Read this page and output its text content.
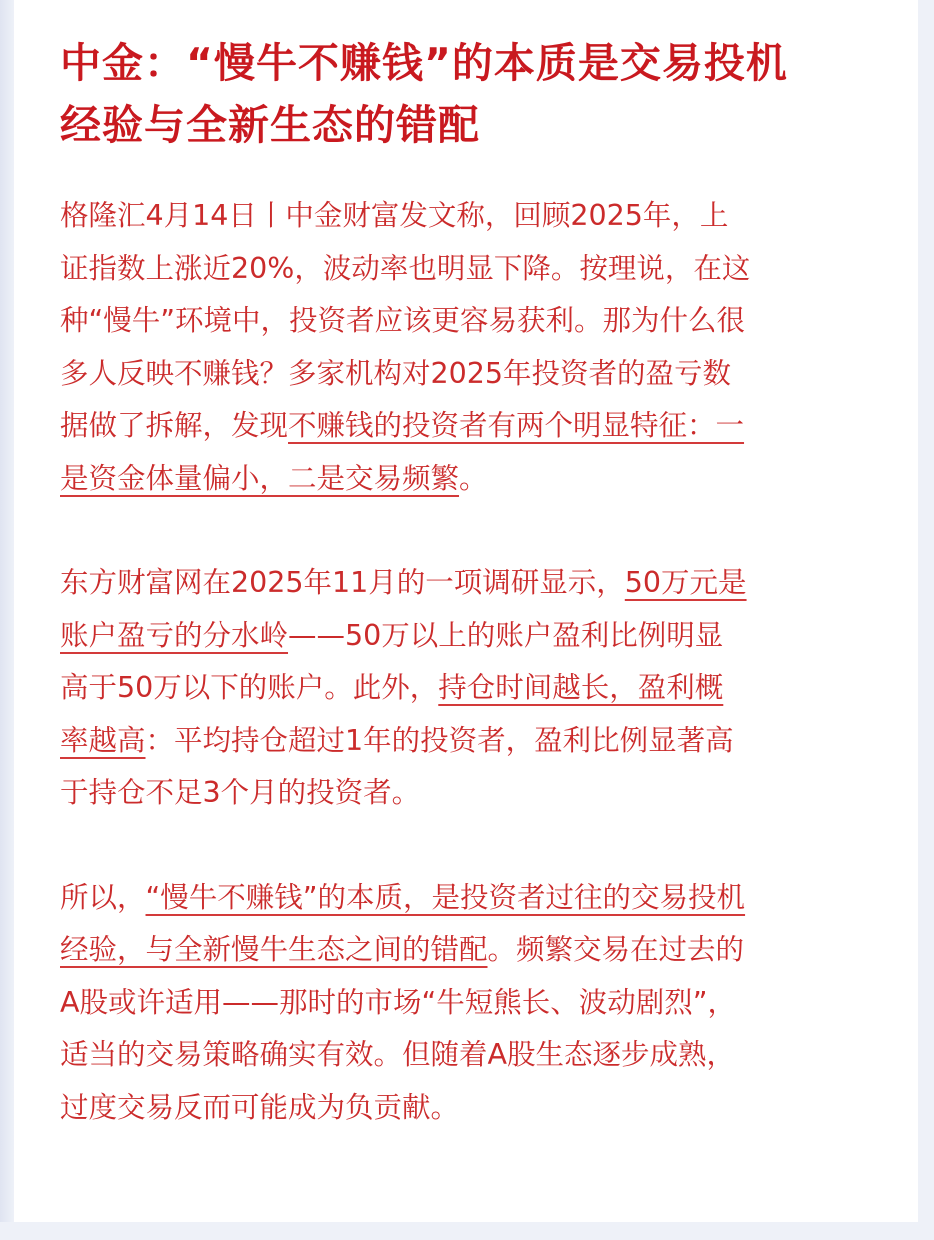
中金：“慢牛不赚钱”的本质是交易投机
经验与全新生态的错配

格隆汇4月14日丨中金财富发文称，回顾2025年，上
证指数上涨近20%，波动率也明显下降。按理说，在这
种“慢牛”环境中，投资者应该更容易获利。那为什么很
多人反映不赚钱？多家机构对2025年投资者的盈亏数
据做了拆解，发现不赚钱的投资者有两个明显特征：一
是资金体量偏小，二是交易频繁。

东方财富网在2025年11月的一项调研显示，50万元是
账户盈亏的分水岭——50万以上的账户盈利比例明显
高于50万以下的账户。此外，持仓时间越长，盈利概
率越高：平均持仓超过1年的投资者，盈利比例显著高
于持仓不足3个月的投资者。

所以，“慢牛不赚钱”的本质，是投资者过往的交易投机
经验，与全新慢牛生态之间的错配。频繁交易在过去的
A股或许适用——那时的市场“牛短熊长、波动剧烈”，
适当的交易策略确实有效。但随着A股生态逐步成熟，
过度交易反而可能成为负贡献。
